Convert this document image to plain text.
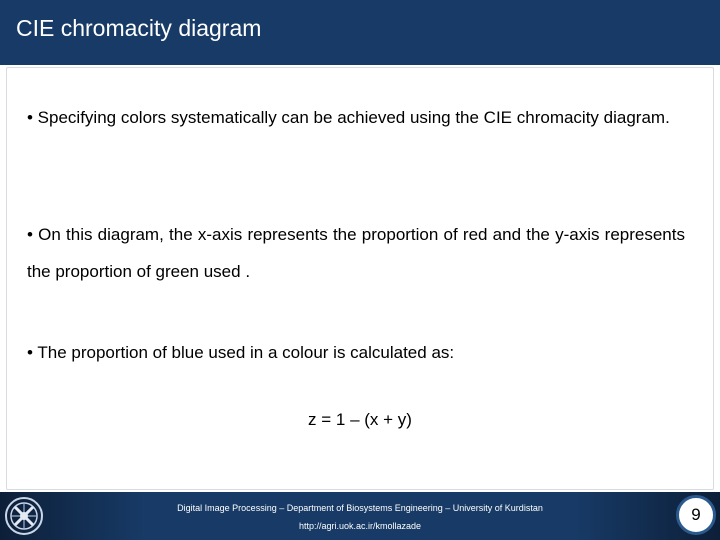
CIE chromacity diagram
• Specifying colors systematically can be achieved using the CIE chromacity diagram.
• On this diagram, the x-axis represents the proportion of red and the y-axis represents the proportion of green used .
• The proportion of blue used in a colour is calculated as:
z = 1 – (x + y)
Digital Image Processing – Department of Biosystems Engineering – University of Kurdistan
http://agri.uok.ac.ir/kmollazade
9
